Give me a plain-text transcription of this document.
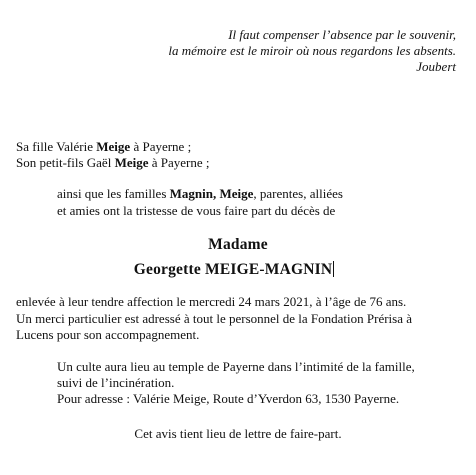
Il faut compenser l’absence par le souvenir,
la mémoire est le miroir où nous regardons les absents.
Joubert
Sa fille Valérie Meige à Payerne ;
Son petit-fils Gaël Meige à Payerne ;
ainsi que les familles Magnin, Meige, parentes, alliées
et amies ont la tristesse de vous faire part du décès de
Madame
Georgette MEIGE-MAGNIN
enlevée à leur tendre affection le mercredi 24 mars 2021, à l’âge de 76 ans.
Un merci particulier est adressé à tout le personnel de la Fondation Prérisa à
Lucens pour son accompagnement.
Un culte aura lieu au temple de Payerne dans l’intimité de la famille,
suivi de l’incinération.
Pour adresse : Valérie Meige, Route d’Yverdon 63, 1530 Payerne.
Cet avis tient lieu de lettre de faire-part.
